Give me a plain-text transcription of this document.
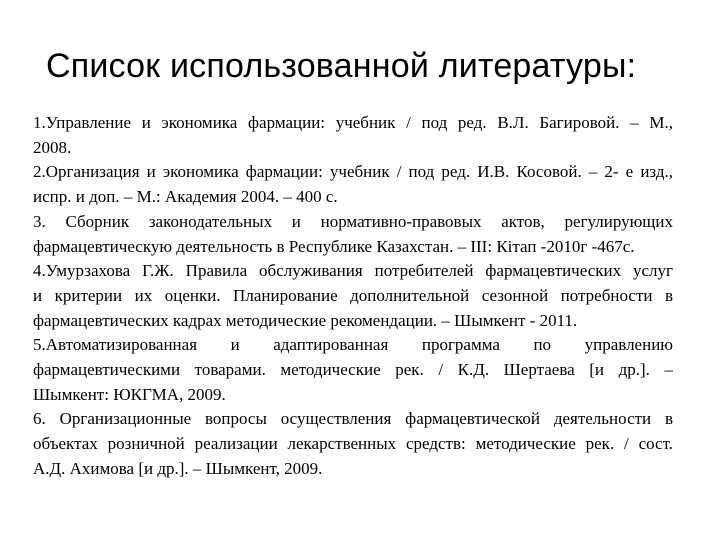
Список использованной литературы:
1.Управление и экономика фармации: учебник / под ред. В.Л. Багировой. – М.,
2008.
2.Организация и экономика фармации: учебник / под ред. И.В. Косовой. – 2- е изд.,
испр. и доп. – М.: Академия 2004. – 400 с.
3. Сборник законодательных и нормативно-правовых актов, регулирующих
фармацевтическую деятельность в Республике Казахстан. – III: Кітап -2010г -467с.
4.Умурзахова Г.Ж. Правила обслуживания потребителей фармацевтических услуг
и критерии их оценки. Планирование дополнительной сезонной потребности в
фармацевтических кадрах методические рекомендации. – Шымкент - 2011.
5.Автоматизированная и адаптированная программа по управлению
фармацевтическими товарами. методические рек. / К.Д. Шертаева [и др.]. –
Шымкент: ЮКГМА, 2009.
6. Организационные вопросы осуществления фармацевтической деятельности в
объектах розничной реализации лекарственных средств: методические рек. / сост.
А.Д. Ахимова [и др.]. – Шымкент, 2009.
